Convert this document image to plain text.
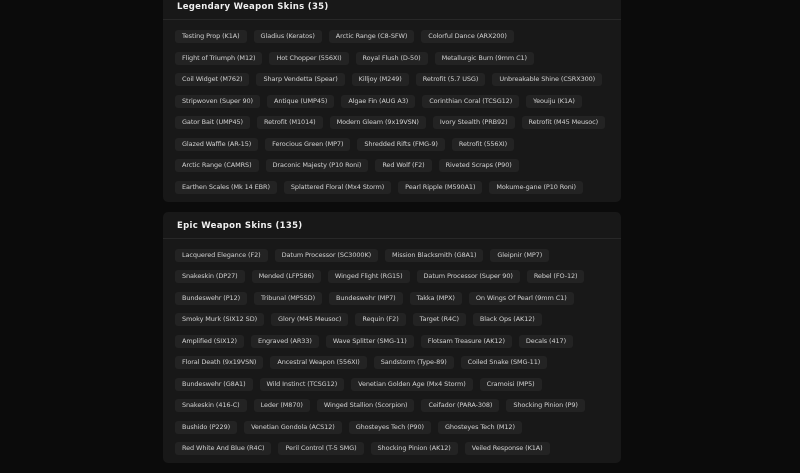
Legendary Weapon Skins (35)
Testing Prop (K1A)	Gladius (Keratos)	Arctic Range (C8-SFW)	Colorful Dance (ARX200)
Flight of Triumph (M12)	Hot Chopper (556XI)	Royal Flush (D-50)	Metallurgic Burn (9mm C1)
Coil Widget (M762)	Sharp Vendetta (Spear)	Killjoy (M249)	Retrofit (5.7 USG)	Unbreakable Shine (CSRX300)
Stripwoven (Super 90)	Antique (UMP45)	Algae Fin (AUG A3)	Corinthian Coral (TCSG12)	Yeouiju (K1A)
Gator Bait (UMP45)	Retrofit (M1014)	Modern Gleam (9x19VSN)	Ivory Stealth (PRB92)	Retrofit (M45 Meusoc)
Glazed Waffle (AR-15)	Ferocious Green (MP7)	Shredded Rifts (FMG-9)	Retrofit (556XI)
Arctic Range (CAMRS)	Draconic Majesty (P10 Roni)	Red Wolf (F2)	Riveted Scraps (P90)
Earthen Scales (Mk 14 EBR)	Splattered Floral (Mx4 Storm)	Pearl Ripple (M590A1)	Mokume-gane (P10 Roni)
Epic Weapon Skins (135)
Lacquered Elegance (F2)	Datum Processor (SC3000K)	Mission Blacksmith (G8A1)	Gleipnir (MP7)
Snakeskin (DP27)	Mended (LFP586)	Winged Flight (RG15)	Datum Processor (Super 90)	Rebel (FO-12)
Bundeswehr (P12)	Tribunal (MP5SD)	Bundeswehr (MP7)	Takka (MPX)	On Wings Of Pearl (9mm C1)
Smoky Murk (SIX12 SD)	Glory (M45 Meusoc)	Requin (F2)	Target (R4C)	Black Ops (AK12)
Amplified (SIX12)	Engraved (AR33)	Wave Splitter (SMG-11)	Flotsam Treasure (AK12)	Decals (417)
Floral Death (9x19VSN)	Ancestral Weapon (556XI)	Sandstorm (Type-89)	Coiled Snake (SMG-11)
Bundeswehr (G8A1)	Wild Instinct (TCSG12)	Venetian Golden Age (Mx4 Storm)	Cramoisi (MP5)
Snakeskin (416-C)	Leder (M870)	Winged Stallion (Scorpion)	Ceifador (PARA-308)	Shocking Pinion (P9)
Bushido (P229)	Venetian Gondola (ACS12)	Ghosteyes Tech (P90)	Ghosteyes Tech (M12)
Red White And Blue (R4C)	Peril Control (T-5 SMG)	Shocking Pinion (AK12)	Veiled Response (K1A)
